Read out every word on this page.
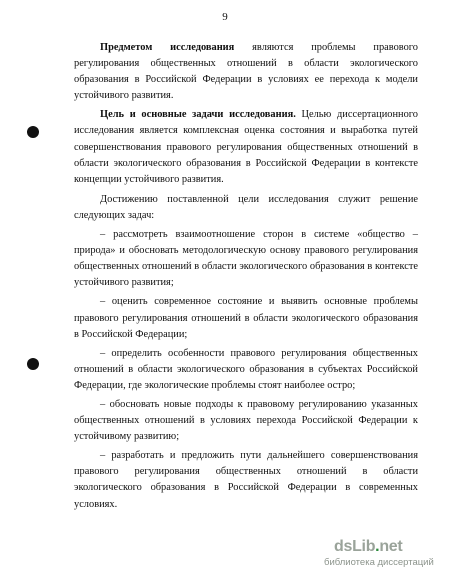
9

Предметом исследования являются проблемы правового регулирования общественных отношений в области экологического образования в Российской Федерации в условиях ее перехода к модели устойчивого развития.

Цель и основные задачи исследования. Целью диссертационного исследования является комплексная оценка состояния и выработка путей совершенствования правового регулирования общественных отношений в области экологического образования в Российской Федерации в контексте концепции устойчивого развития.

Достижению поставленной цели исследования служит решение следующих задач:

– рассмотреть взаимоотношение сторон в системе «общество – природа» и обосновать методологическую основу правового регулирования общественных отношений в области экологического образования в контексте устойчивого развития;

– оценить современное состояние и выявить основные проблемы правового регулирования отношений в области экологического образования в Российской Федерации;

– определить особенности правового регулирования общественных отношений в области экологического образования в субъектах Российской Федерации, где экологические проблемы стоят наиболее остро;

– обосновать новые подходы к правовому регулированию указанных общественных отношений в условиях перехода Российской Федерации к устойчивому развитию;

– разработать и предложить пути дальнейшего совершенствования правового регулирования общественных отношений в области экологического образования в Российской Федерации в современных условиях.

dsLib.net
библиотека диссертаций
